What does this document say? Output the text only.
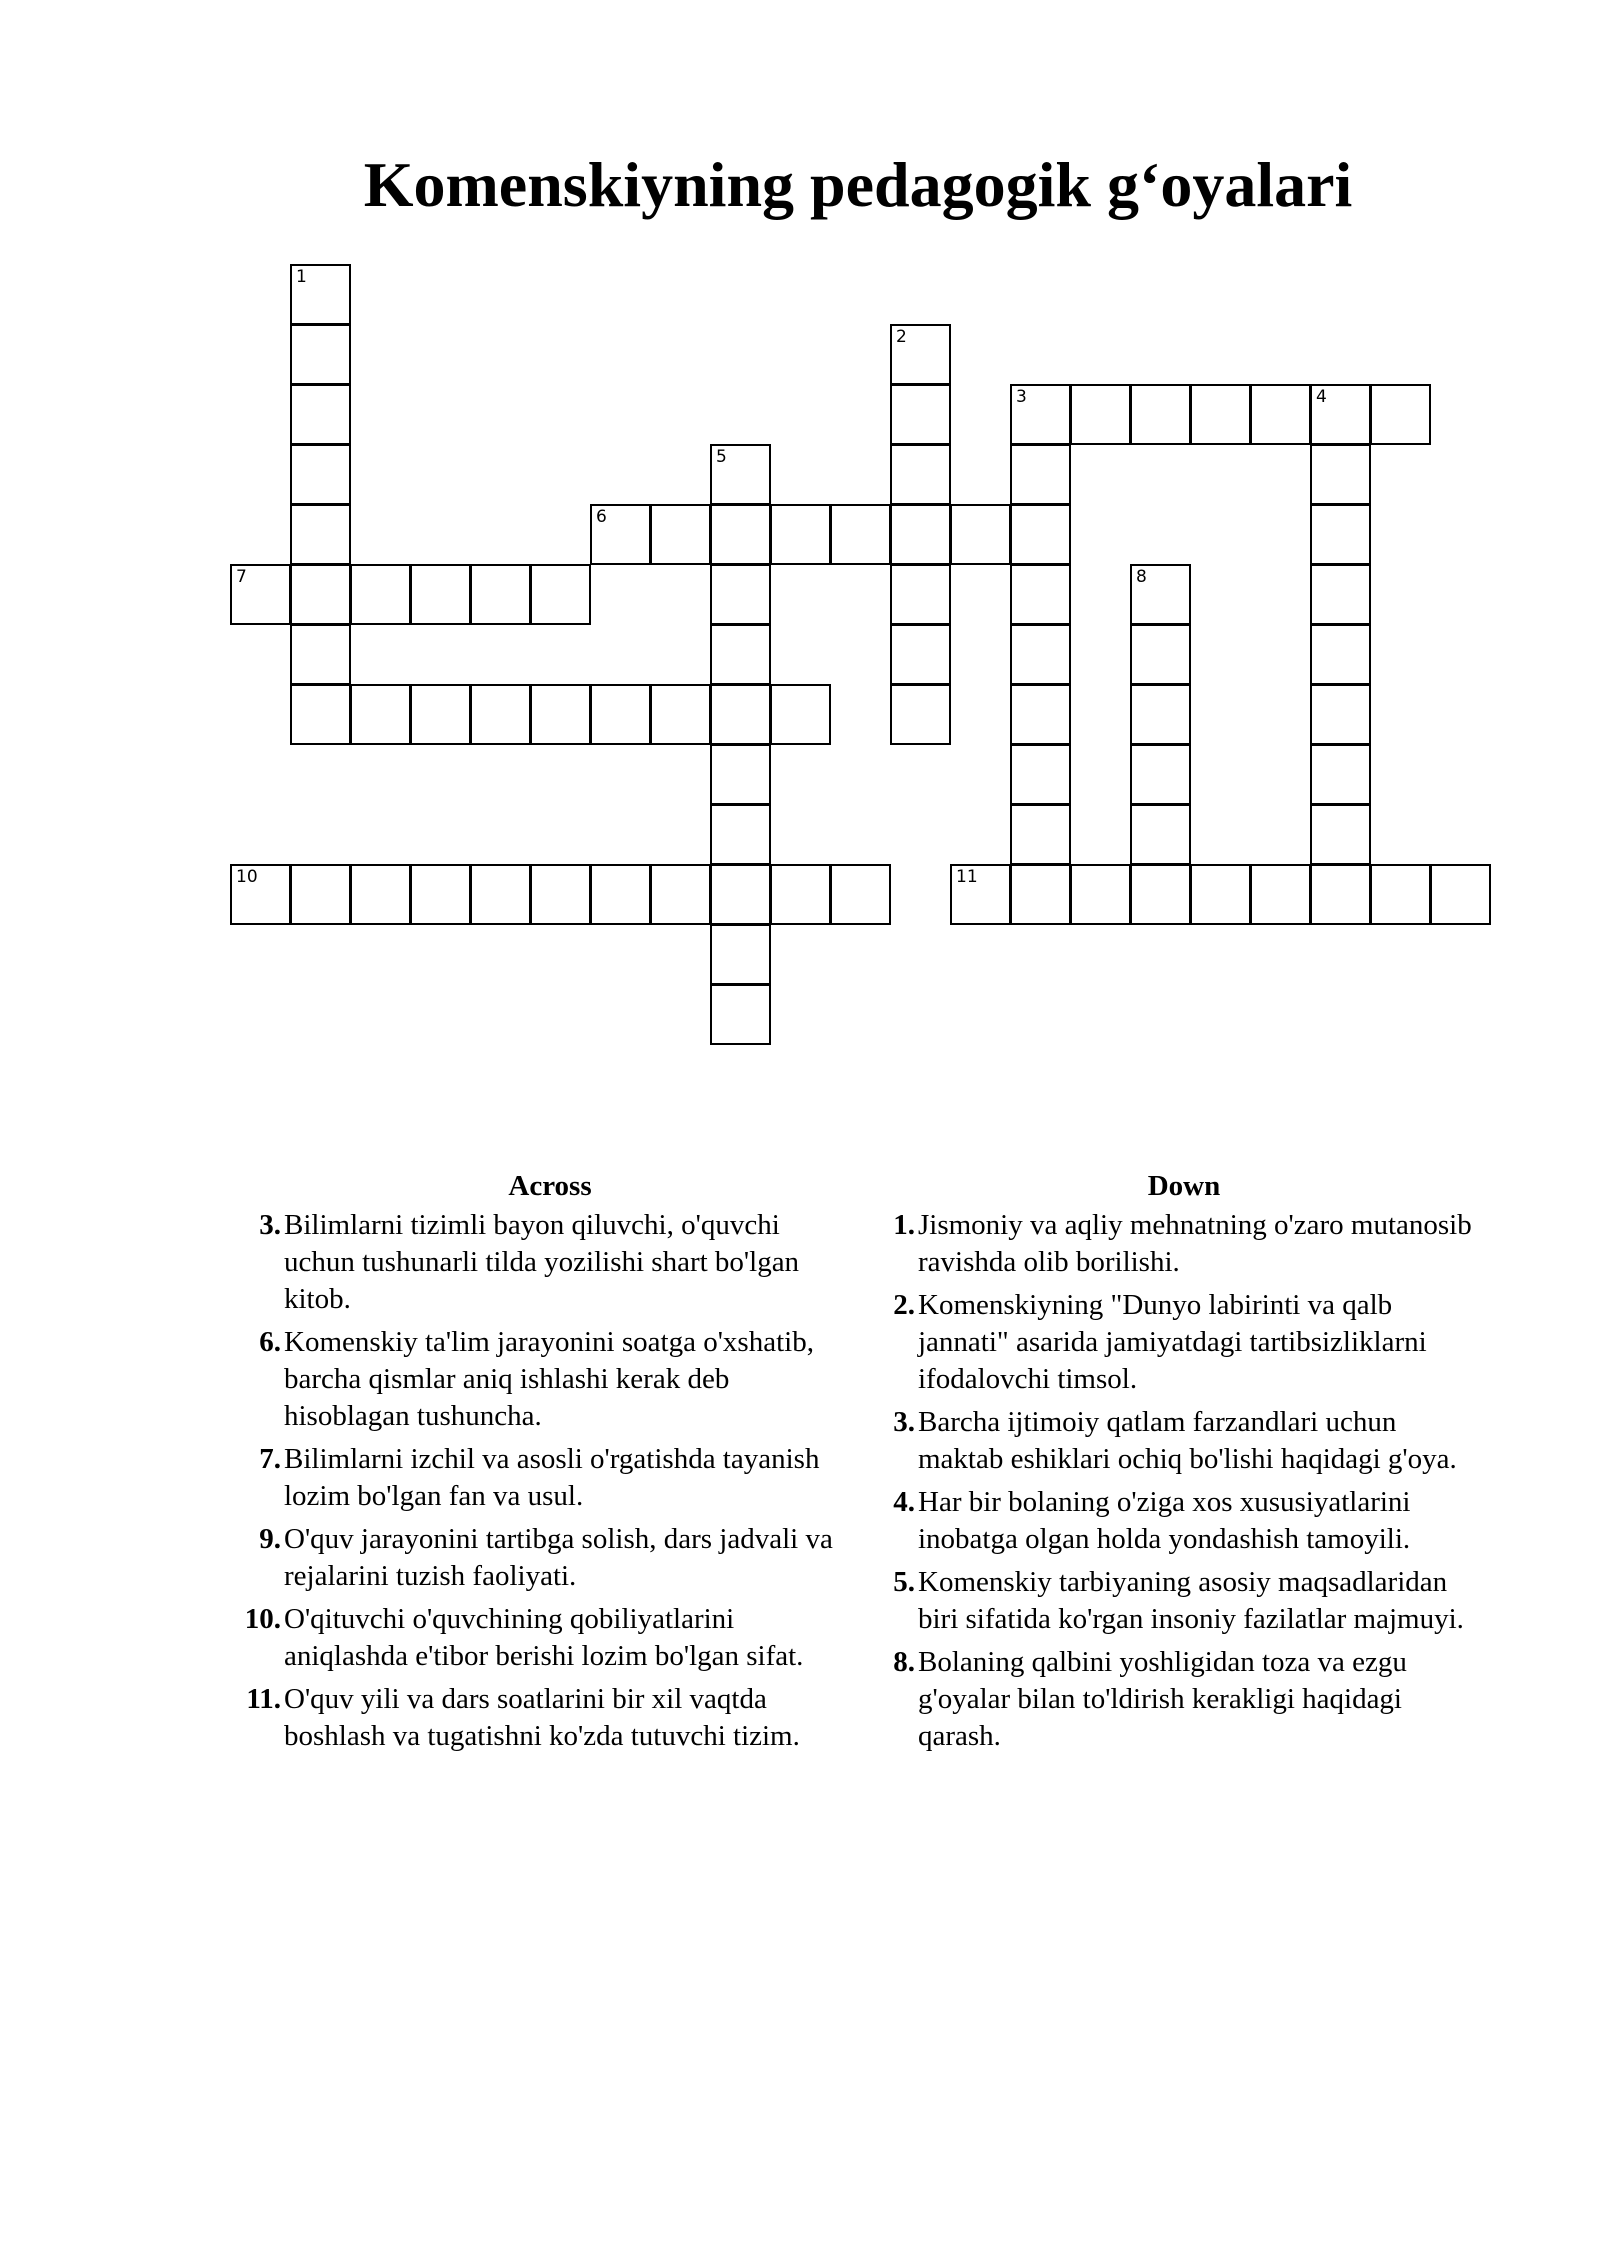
Komenskiyning pedagogik g‘oyalari
1
2
3	4
5
6
7	8
10	11
Across
3. Bilimlarni tizimli bayon qiluvchi, o'quvchi uchun tushunarli tilda yozilishi shart bo'lgan kitob.
6. Komenskiy ta'lim jarayonini soatga o'xshatib, barcha qismlar aniq ishlashi kerak deb hisoblagan tushuncha.
7. Bilimlarni izchil va asosli o'rgatishda tayanish lozim bo'lgan fan va usul.
9. O'quv jarayonini tartibga solish, dars jadvali va rejalarini tuzish faoliyati.
10. O'qituvchi o'quvchining qobiliyatlarini aniqlashda e'tibor berishi lozim bo'lgan sifat.
11. O'quv yili va dars soatlarini bir xil vaqtda boshlash va tugatishni ko'zda tutuvchi tizim.
Down
1. Jismoniy va aqliy mehnatning o'zaro mutanosib ravishda olib borilishi.
2. Komenskiyning "Dunyo labirinti va qalb jannati" asarida jamiyatdagi tartibsizliklarni ifodalovchi timsol.
3. Barcha ijtimoiy qatlam farzandlari uchun maktab eshiklari ochiq bo'lishi haqidagi g'oya.
4. Har bir bolaning o'ziga xos xususiyatlarini inobatga olgan holda yondashish tamoyili.
5. Komenskiy tarbiyaning asosiy maqsadlaridan biri sifatida ko'rgan insoniy fazilatlar majmuyi.
8. Bolaning qalbini yoshligidan toza va ezgu g'oyalar bilan to'ldirish kerakligi haqidagi qarash.
